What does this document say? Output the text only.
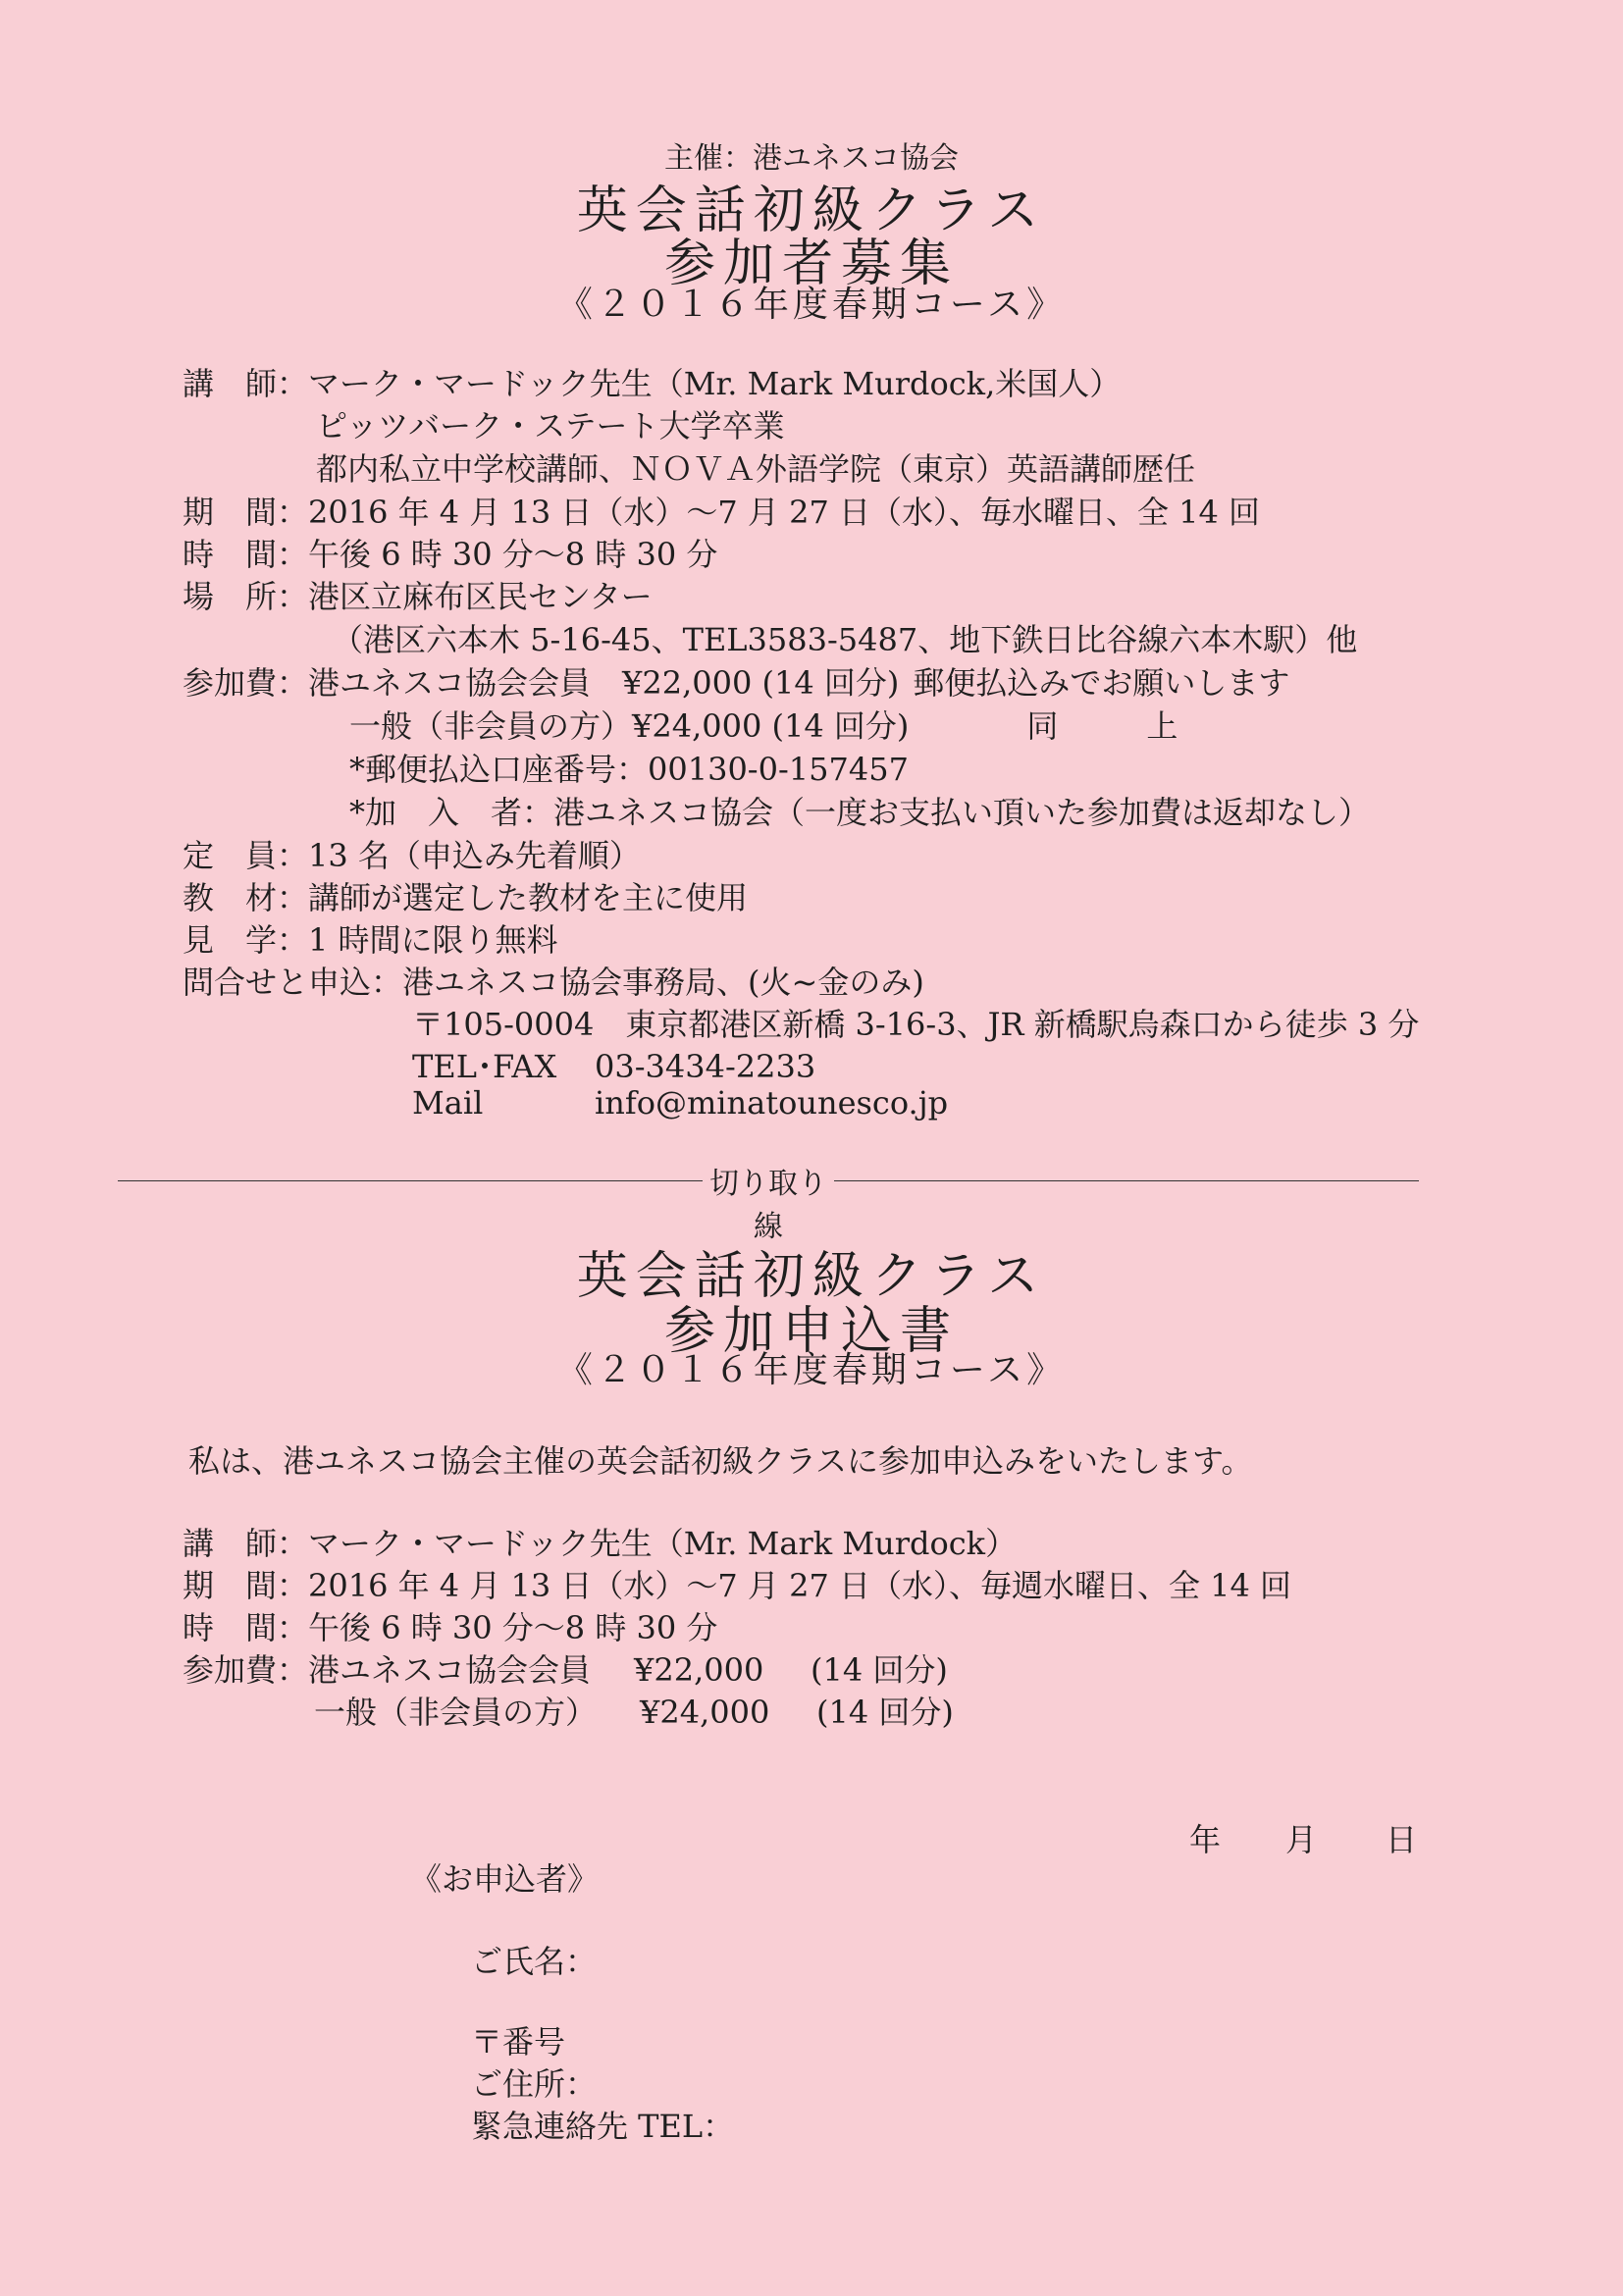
主催：港ユネスコ協会
英会話初級クラス
参加者募集
《２０１６年度春期コース》
講　師：マーク・マードック先生（Mr. Mark Murdock,米国人）
ピッツバーク・ステート大学卒業
都内私立中学校講師、ＮＯＶＡ外語学院（東京）英語講師歴任
期　間：2016 年 4 月 13 日（水）～7 月 27 日（水）、毎水曜日、全 14 回
時　間：午後 6 時 30 分～8 時 30 分
場　所：港区立麻布区民センター
（港区六本木 5-16-45、TEL3583-5487、地下鉄日比谷線六本木駅）他
参加費：港ユネスコ協会会員　¥22,000 (14 回分) 郵便払込みでお願いします
一般（非会員の方）¥24,000 (14 回分)	同	上
*郵便払込口座番号：00130-0-157457
*加　入　者：港ユネスコ協会（一度お支払い頂いた参加費は返却なし）
定　員：13 名（申込み先着順）
教　材：講師が選定した教材を主に使用
見　学：1 時間に限り無料
問合せと申込：港ユネスコ協会事務局、(火~金のみ)
〒105-0004　東京都港区新橋 3-16-3、JR 新橋駅烏森口から徒歩 3 分
TEL･FAX 03-3434-2233
Mail	info@minatounesco.jp
切り取り線
英会話初級クラス
参加申込書
《２０１６年度春期コース》
私は、港ユネスコ協会主催の英会話初級クラスに参加申込みをいたします。
講　師：マーク・マードック先生（Mr. Mark Murdock）
期　間：2016 年 4 月 13 日（水）～7 月 27 日（水）、毎週水曜日、全 14 回
時　間：午後 6 時 30 分～8 時 30 分
参加費：港ユネスコ協会会員 ¥22,000 (14 回分)
一般（非会員の方） ¥24,000 (14 回分)
年 月 日
《お申込者》
ご氏名：
〒番号
ご住所：
緊急連絡先 TEL：
